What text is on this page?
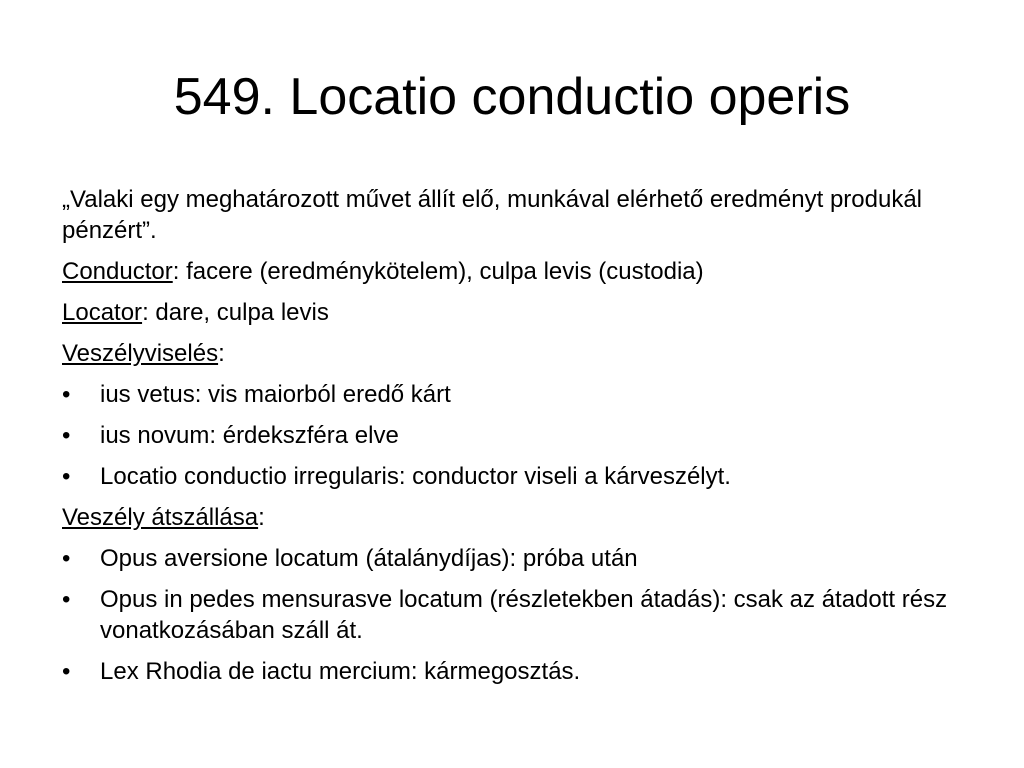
549. Locatio conductio operis

„Valaki egy meghatározott művet állít elő, munkával elérhető eredményt produkál pénzért”.

Conductor: facere (eredménykötelem), culpa levis (custodia)

Locator: dare, culpa levis

Veszélyviselés:

• ius vetus: vis maiorból eredő kárt
• ius novum: érdekszféra elve
• Locatio conductio irregularis: conductor viseli a kárveszélyt.

Veszély átszállása:

• Opus aversione locatum (átalánydíjas): próba után
• Opus in pedes mensurasve locatum (részletekben átadás): csak az átadott rész vonatkozásában száll át.
• Lex Rhodia de iactu mercium: kármegosztás.
